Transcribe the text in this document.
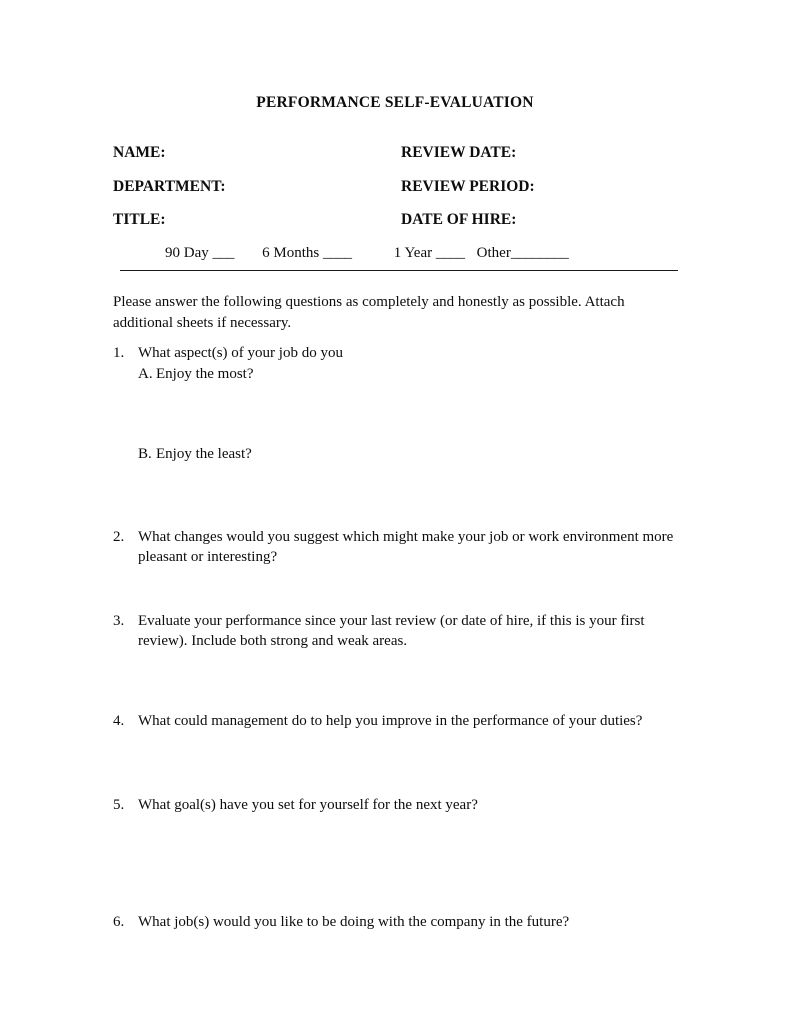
PERFORMANCE SELF-EVALUATION
NAME:	REVIEW DATE:
DEPARTMENT:	REVIEW PERIOD:
TITLE:	DATE OF HIRE:
90 Day ___ 6 Months ____	1 Year ____ Other________
Please answer the following questions as completely and honestly as possible. Attach additional sheets if necessary.
1. What aspect(s) of your job do you
A. Enjoy the most?
B. Enjoy the least?
2. What changes would you suggest which might make your job or work environment more pleasant or interesting?
3. Evaluate your performance since your last review (or date of hire, if this is your first review). Include both strong and weak areas.
4. What could management do to help you improve in the performance of your duties?
5. What goal(s) have you set for yourself for the next year?
6. What job(s) would you like to be doing with the company in the future?
